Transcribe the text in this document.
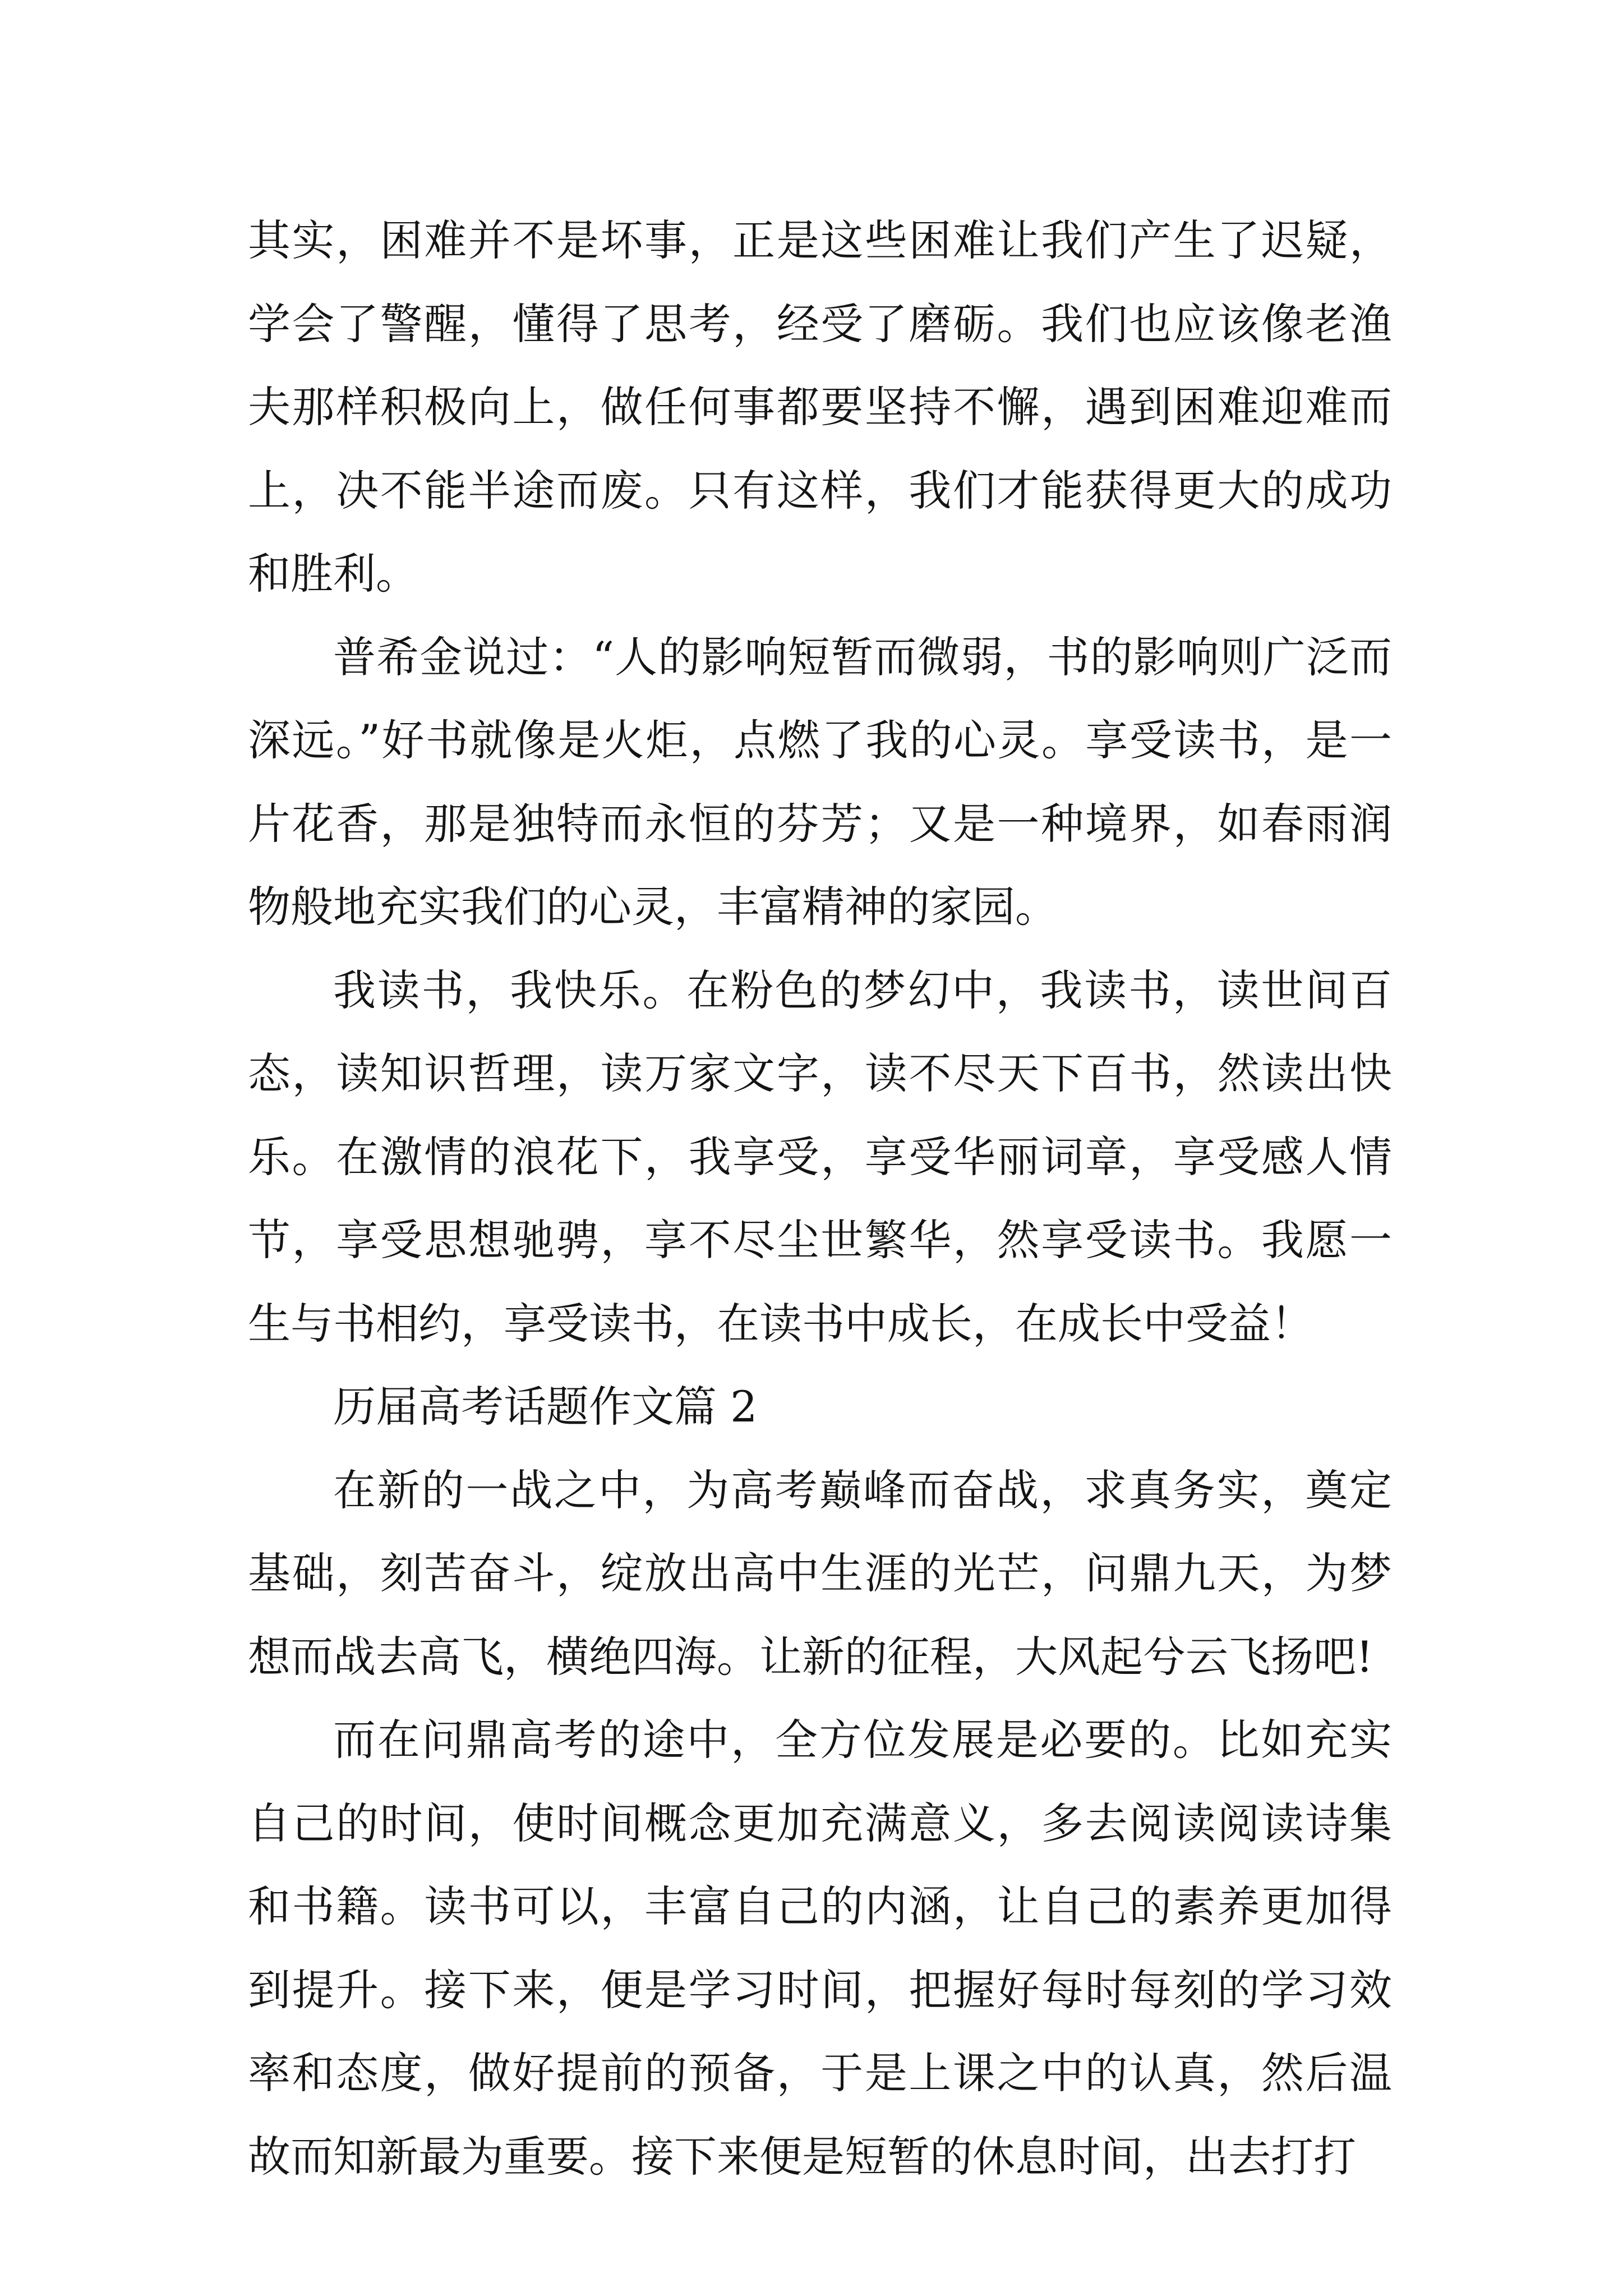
其实，困难并不是坏事，正是这些困难让我们产生了迟疑，学会了警醒，懂得了思考，经受了磨砺。我们也应该像老渔夫那样积极向上，做任何事都要坚持不懈，遇到困难迎难而上，决不能半途而废。只有这样，我们才能获得更大的成功和胜利。

普希金说过：“人的影响短暂而微弱，书的影响则广泛而深远。”好书就像是火炬，点燃了我的心灵。享受读书，是一片花香，那是独特而永恒的芬芳；又是一种境界，如春雨润物般地充实我们的心灵，丰富精神的家园。

我读书，我快乐。在粉色的梦幻中，我读书，读世间百态，读知识哲理，读万家文字，读不尽天下百书，然读出快乐。在激情的浪花下，我享受，享受华丽词章，享受感人情节，享受思想驰骋，享不尽尘世繁华，然享受读书。我愿一生与书相约，享受读书，在读书中成长，在成长中受益！

历届高考话题作文篇 2

在新的一战之中，为高考巅峰而奋战，求真务实，奠定基础，刻苦奋斗，绽放出高中生涯的光芒，问鼎九天，为梦想而战去高飞，横绝四海。让新的征程，大风起兮云飞扬吧!

而在问鼎高考的途中，全方位发展是必要的。比如充实自己的时间，使时间概念更加充满意义，多去阅读阅读诗集和书籍。读书可以，丰富自己的内涵，让自己的素养更加得到提升。接下来，便是学习时间，把握好每时每刻的学习效率和态度，做好提前的预备，于是上课之中的认真，然后温故而知新最为重要。接下来便是短暂的休息时间，出去打打
